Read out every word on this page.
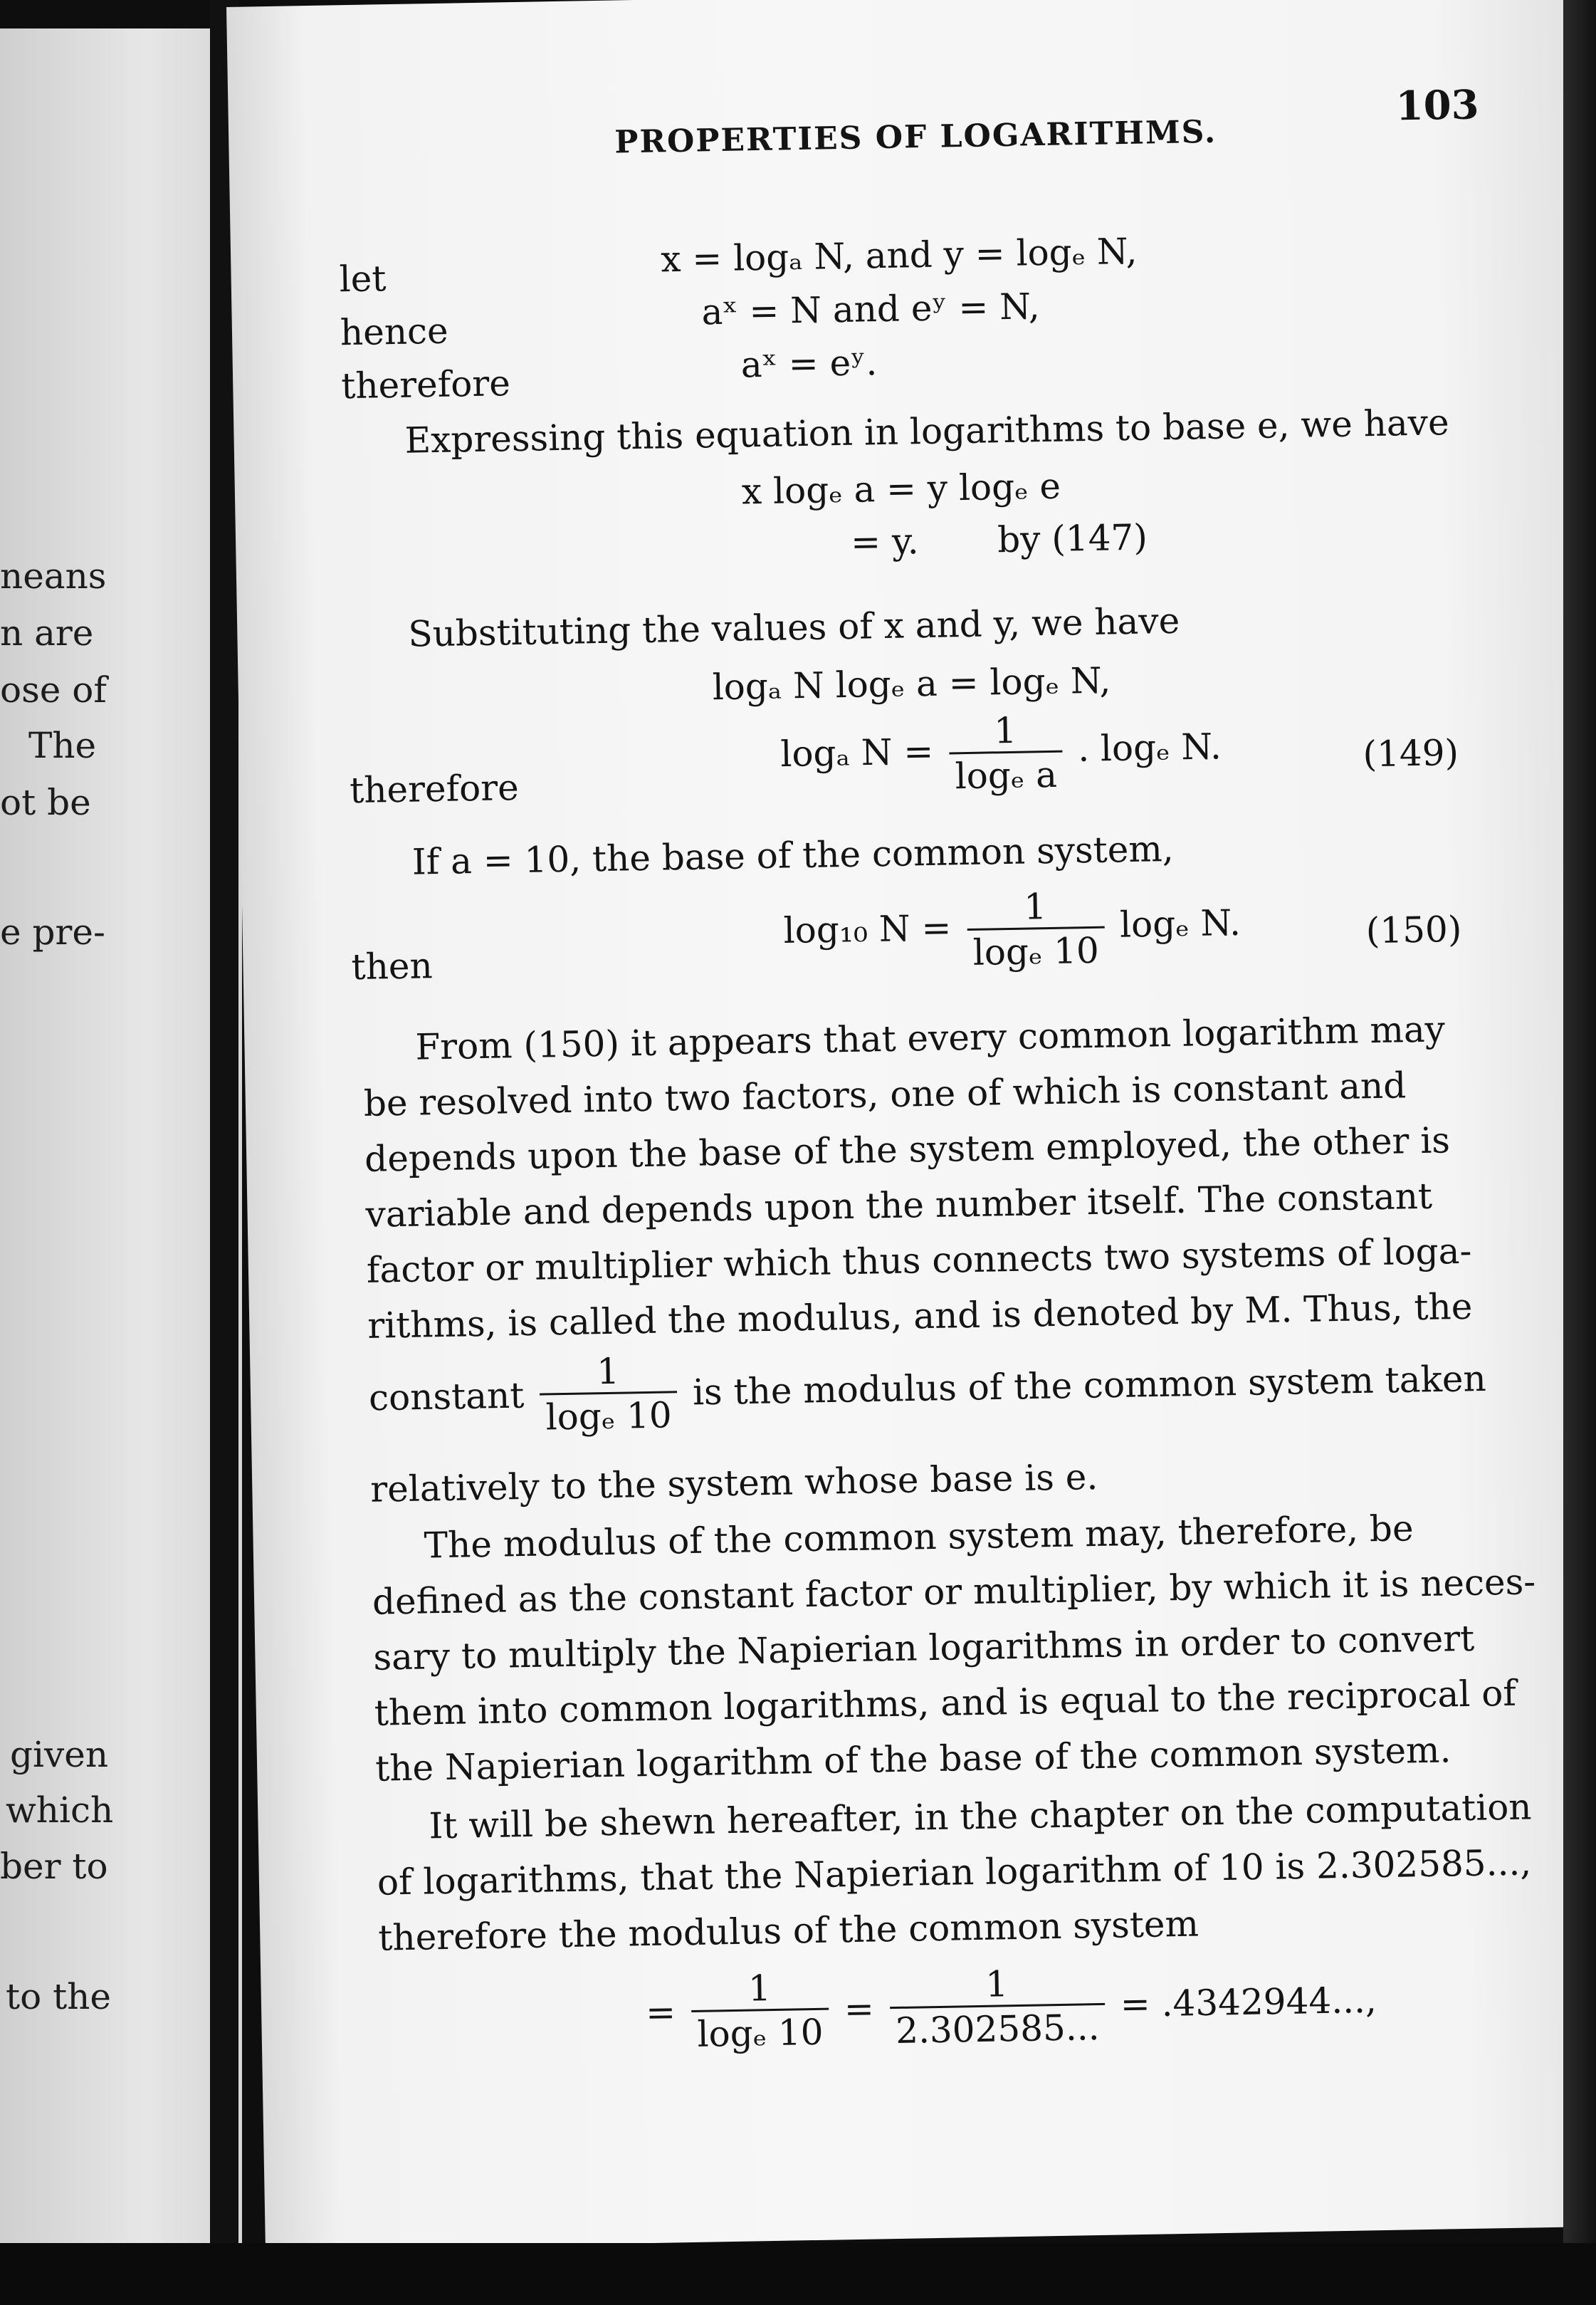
neans
n are
ose of
The
ot be
e pre-
given
which
ber to
to the
PROPERTIES OF LOGARITHMS.
103
let	x = logₐ N, and y = logₑ N,
hence	aˣ = N and eʸ = N,
therefore	aˣ = eʸ.
Expressing this equation in logarithms to base e, we have
x logₑ a = y logₑ e
= y. by (147)
Substituting the values of x and y, we have
logₐ N logₑ a = logₑ N,
therefore
logₐ $N = \frac{1}{\text{logₑ a}}$ . logₑ N.	(149)
If a = 10, the base of the common system,
then
log₁₀ $N = \frac{1}{\text{logₑ 10}}$ logₑ N.	(150)
From (150) it appears that every common logarithm may
be resolved into two factors, one of which is constant and
depends upon the base of the system employed, the other is
variable and depends upon the number itself. The constant
factor or multiplier which thus connects two systems of loga-
rithms, is called the modulus, and is denoted by M. Thus, the
constant $\frac{1}{\text{logₑ 10}}$ is the modulus of the common system taken
relatively to the system whose base is e.
The modulus of the common system may, therefore, be
defined as the constant factor or multiplier, by which it is neces-
sary to multiply the Napierian logarithms in order to convert
them into common logarithms, and is equal to the reciprocal of
the Napierian logarithm of the base of the common system.
It will be shewn hereafter, in the chapter on the computation
of logarithms, that the Napierian logarithm of 10 is 2.302585...,
therefore the modulus of the common system
= $\frac{1}{\text{logₑ 10}} = \frac{1}{2.302585...} = .4342944$...,
